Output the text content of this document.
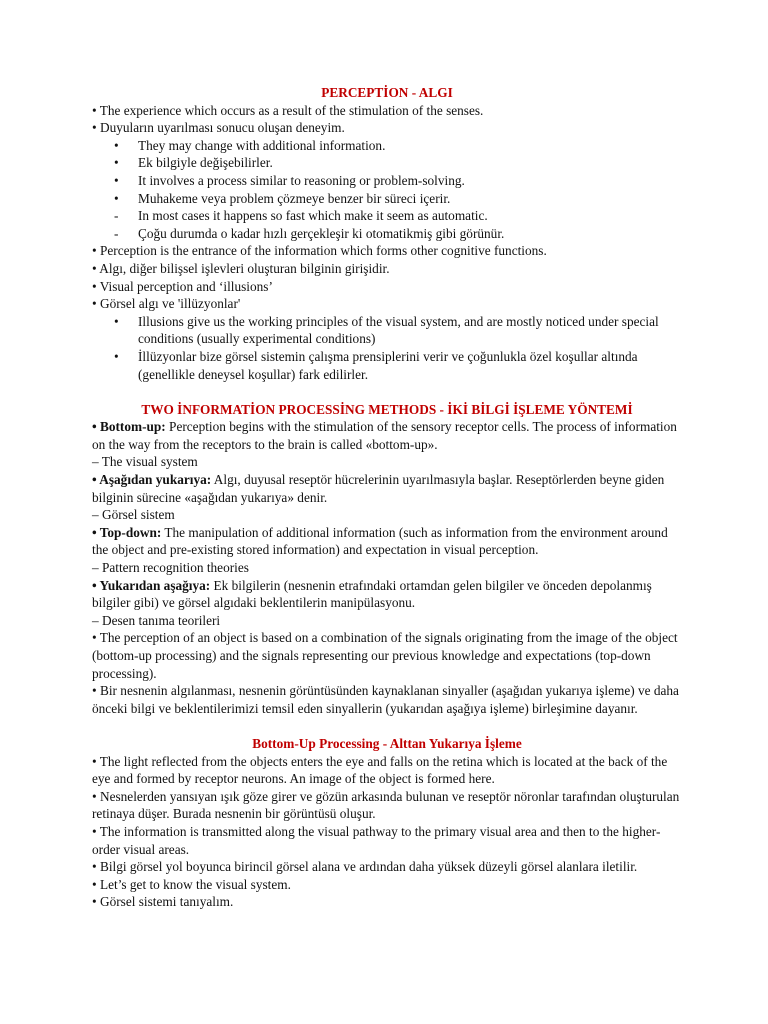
PERCEPTİON - ALGI
• The experience which occurs as a result of the stimulation of the senses.
• Duyuların uyarılması sonucu oluşan deneyim.
• They may change with additional information.
• Ek bilgiyle değişebilirler.
• It involves a process similar to reasoning or problem-solving.
• Muhakeme veya problem çözmeye benzer bir süreci içerir.
- In most cases it happens so fast which make it seem as automatic.
- Çoğu durumda o kadar hızlı gerçekleşir ki otomatikmiş gibi görünür.
• Perception is the entrance of the information which forms other cognitive functions.
• Algı, diğer bilişsel işlevleri oluşturan bilginin girişidir.
• Visual perception and ‘illusions’
• Görsel algı ve 'illüzyonlar'
• Illusions give us the working principles of the visual system, and are mostly noticed under special conditions (usually experimental conditions)
• İllüzyonlar bize görsel sistemin çalışma prensiplerini verir ve çoğunlukla özel koşullar altında (genellikle deneysel koşullar) fark edilirler.
TWO İNFORMATİON PROCESSİNG METHODS - İKİ BİLGİ İŞLEME YÖNTEMİ
• Bottom-up: Perception begins with the stimulation of the sensory receptor cells. The process of information on the way from the receptors to the brain is called «bottom-up».
– The visual system
• Aşağıdan yukarıya: Algı, duyusal reseptör hücrelerinin uyarılmasıyla başlar. Reseptörlerden beyne giden bilginin sürecine «aşağıdan yukarıya» denir.
– Görsel sistem
• Top-down: The manipulation of additional information (such as information from the environment around the object and pre-existing stored information) and expectation in visual perception.
– Pattern recognition theories
• Yukarıdan aşağıya: Ek bilgilerin (nesnenin etrafındaki ortamdan gelen bilgiler ve önceden depolanmış bilgiler gibi) ve görsel algıdaki beklentilerin manipülasyonu.
– Desen tanıma teorileri
• The perception of an object is based on a combination of the signals originating from the image of the object (bottom-up processing) and the signals representing our previous knowledge and expectations (top-down processing).
• Bir nesnenin algılanması, nesnenin görüntüsünden kaynaklanan sinyaller (aşağıdan yukarıya işleme) ve daha önceki bilgi ve beklentilerimizi temsil eden sinyallerin (yukarıdan aşağıya işleme) birleşimine dayanır.
Bottom-Up Processing - Alttan Yukarıya İşleme
• The light reflected from the objects enters the eye and falls on the retina which is located at the back of the eye and formed by receptor neurons. An image of the object is formed here.
• Nesnelerden yansıyan ışık göze girer ve gözün arkasında bulunan ve reseptör nöronlar tarafından oluşturulan retinaya düşer. Burada nesnenin bir görüntüsü oluşur.
• The information is transmitted along the visual pathway to the primary visual area and then to the higher-order visual areas.
• Bilgi görsel yol boyunca birincil görsel alana ve ardından daha yüksek düzeyli görsel alanlara iletilir.
• Let’s get to know the visual system.
• Görsel sistemi tanıyalım.
